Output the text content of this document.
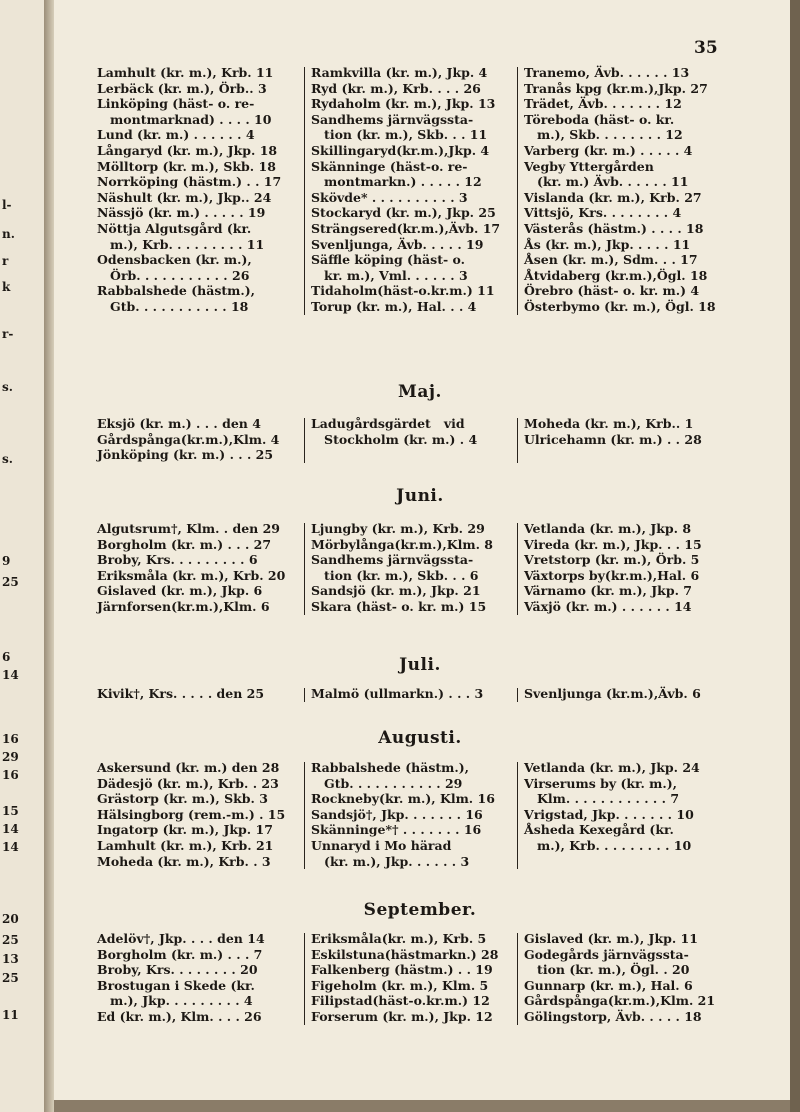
l-
n.
r
k
r-
s.
s.
9
25
6
14
16
29
16
15
14
14
20
25
13
25
11
35
Lamhult (kr. m.), Krb. 11
Lerbäck (kr. m.), Örb.. 3
Linköping (häst- o. re-
montmarknad) . . . . 10
Lund (kr. m.) . . . . . . 4
Långaryd (kr. m.), Jkp. 18
Mölltorp (kr. m.), Skb. 18
Norrköping (hästm.) . . 17
Näshult (kr. m.), Jkp.. 24
Nässjö (kr. m.) . . . . . 19
Nöttja Algutsgård (kr.
m.), Krb. . . . . . . . . 11
Odensbacken (kr. m.),
Örb. . . . . . . . . . . 26
Rabbalshede (hästm.),
Gtb. . . . . . . . . . . 18
Ramkvilla (kr. m.), Jkp. 4
Ryd (kr. m.), Krb. . . . 26
Rydaholm (kr. m.), Jkp. 13
Sandhems järnvägssta-
tion (kr. m.), Skb. . . 11
Skillingaryd(kr.m.),Jkp. 4
Skänninge (häst-o. re-
montmarkn.) . . . . . 12
Skövde* . . . . . . . . . . 3
Stockaryd (kr. m.), Jkp. 25
Strängsered(kr.m.),Ävb. 17
Svenljunga, Ävb. . . . . 19
Säffle köping (häst- o.
kr. m.), Vml. . . . . . 3
Tidaholm(häst-o.kr.m.) 11
Torup (kr. m.), Hal. . . 4
Tranemo, Ävb. . . . . . 13
Tranås kpg (kr.m.),Jkp. 27
Trädet, Ävb. . . . . . . 12
Töreboda (häst- o. kr.
m.), Skb. . . . . . . . 12
Varberg (kr. m.) . . . . . 4
Vegby Yttergården
(kr. m.) Ävb. . . . . . 11
Vislanda (kr. m.), Krb. 27
Vittsjö, Krs. . . . . . . . 4
Västerås (hästm.) . . . . 18
Ås (kr. m.), Jkp. . . . . 11
Åsen (kr. m.), Sdm. . . 17
Åtvidaberg (kr.m.),Ögl. 18
Örebro (häst- o. kr. m.) 4
Österbymo (kr. m.), Ögl. 18
Maj.
Eksjö (kr. m.) . . . den 4
Gårdspånga(kr.m.),Klm. 4
Jönköping (kr. m.) . . . 25
Ladugårdsgärdet   vid
Stockholm (kr. m.) . 4
Moheda (kr. m.), Krb.. 1
Ulricehamn (kr. m.) . . 28
Juni.
Algutsrum†, Klm. . den 29
Borgholm (kr. m.) . . . 27
Broby, Krs. . . . . . . . . 6
Eriksmåla (kr. m.), Krb. 20
Gislaved (kr. m.), Jkp. 6
Järnforsen(kr.m.),Klm. 6
Ljungby (kr. m.), Krb. 29
Mörbylånga(kr.m.),Klm. 8
Sandhems järnvägssta-
tion (kr. m.), Skb. . . 6
Sandsjö (kr. m.), Jkp. 21
Skara (häst- o. kr. m.) 15
Vetlanda (kr. m.), Jkp. 8
Vireda (kr. m.), Jkp. . . 15
Vretstorp (kr. m.), Örb. 5
Växtorps by(kr.m.),Hal. 6
Värnamo (kr. m.), Jkp. 7
Växjö (kr. m.) . . . . . . 14
Juli.
Kivik†, Krs. . . . . den 25	Malmö (ullmarkn.) . . . 3	Svenljunga (kr.m.),Ävb. 6
Augusti.
Askersund (kr. m.) den 28
Dädesjö (kr. m.), Krb. . 23
Grästorp (kr. m.), Skb. 3
Hälsingborg (rem.-m.) . 15
Ingatorp (kr. m.), Jkp. 17
Lamhult (kr. m.), Krb. 21
Moheda (kr. m.), Krb. . 3
Rabbalshede (hästm.),
Gtb. . . . . . . . . . . 29
Rockneby(kr. m.), Klm. 16
Sandsjö†, Jkp. . . . . . . 16
Skänninge*† . . . . . . . 16
Unnaryd i Mo härad
(kr. m.), Jkp. . . . . . 3
Vetlanda (kr. m.), Jkp. 24
Virserums by (kr. m.),
Klm. . . . . . . . . . . . 7
Vrigstad, Jkp. . . . . . . 10
Åsheda Kexegård (kr.
m.), Krb. . . . . . . . . 10
September.
Adelöv†, Jkp. . . . den 14
Borgholm (kr. m.) . . . 7
Broby, Krs. . . . . . . . 20
Brostugan i Skede (kr.
m.), Jkp. . . . . . . . . 4
Ed (kr. m.), Klm. . . . 26
Eriksmåla(kr. m.), Krb. 5
Eskilstuna(hästmarkn.) 28
Falkenberg (hästm.) . . 19
Figeholm (kr. m.), Klm. 5
Filipstad(häst-o.kr.m.) 12
Forserum (kr. m.), Jkp. 12
Gislaved (kr. m.), Jkp. 11
Godegårds järnvägssta-
tion (kr. m.), Ögl. . 20
Gunnarp (kr. m.), Hal. 6
Gårdspånga(kr.m.),Klm. 21
Gölingstorp, Ävb. . . . . 18
